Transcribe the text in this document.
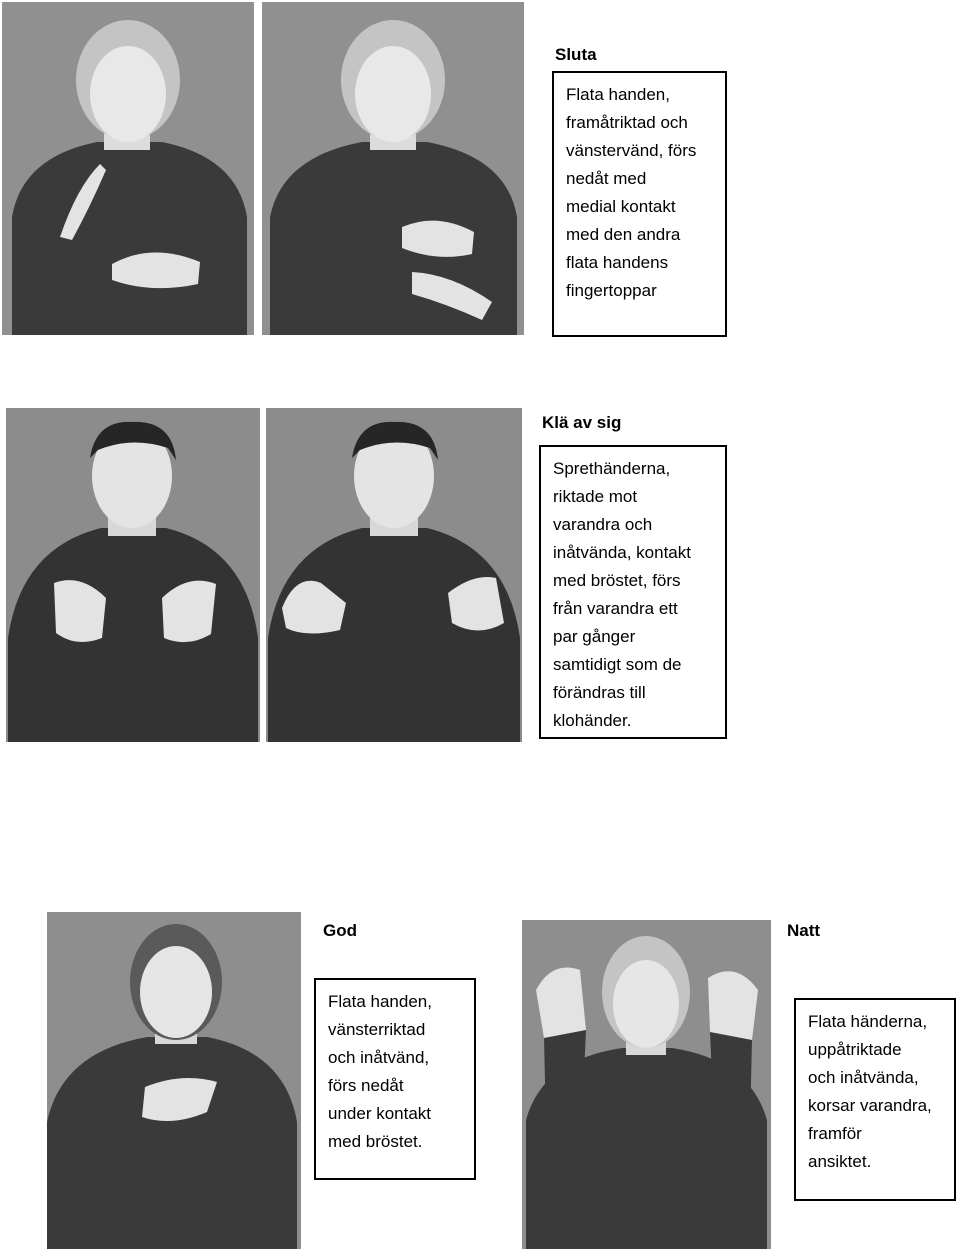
Sluta
Flata handen,
framåtriktad och
vänstervänd, förs
nedåt med
medial kontakt
med den andra
flata handens
fingertoppar
Klä av sig
Sprethänderna,
riktade mot
varandra och
inåtvända, kontakt
med bröstet, förs
från varandra ett
par gånger
samtidigt som de
förändras till
klohänder.
God
Flata handen,
vänsterriktad
och inåtvänd,
förs nedåt
under kontakt
med bröstet.
Natt
Flata händerna,
uppåtriktade
och inåtvända,
korsar varandra,
framför
ansiktet.
